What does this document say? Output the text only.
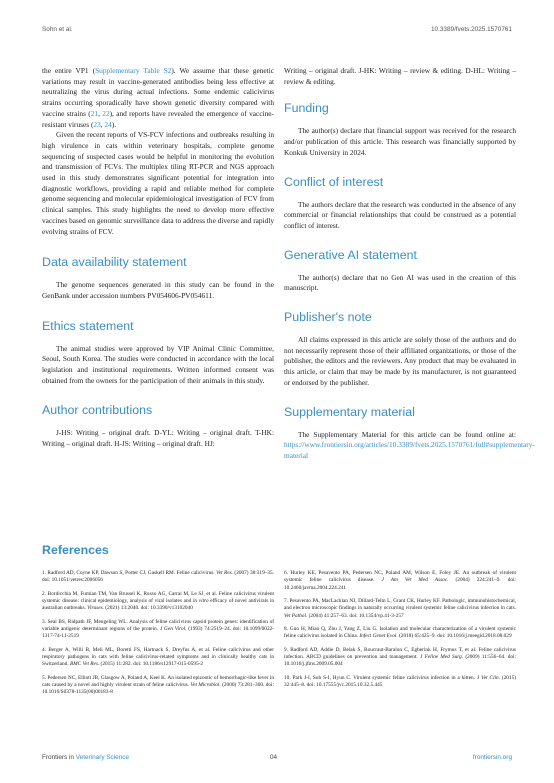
Sohn et al.	10.3389/fvets.2025.1570761

the entire VP1 (Supplementary Table S2). We assume that these genetic variations may result in vaccine-generated antibodies being less effective at neutralizing the virus during actual infections. Some endemic calicivirus strains occurring sporadically have shown genetic diversity compared with vaccine strains (21, 22), and reports have revealed the emergence of vaccine-resistant viruses (23, 24).

Given the recent reports of VS-FCV infections and outbreaks resulting in high virulence in cats within veterinary hospitals, complete genome sequencing of suspected cases would be helpful in monitoring the evolution and transmission of FCVs. The multiplex tiling RT-PCR and NGS approach used in this study demonstrates significant potential for integration into diagnostic workflows, providing a rapid and reliable method for complete genome sequencing and molecular epidemiological investigation of FCV from clinical samples. This study highlights the need to develop more effective vaccines based on genomic surveillance data to address the diverse and rapidly evolving strains of FCV.

Data availability statement

The genome sequences generated in this study can be found in the GenBank under accession numbers PV054606-PV054611.

Ethics statement

The animal studies were approved by VIP Animal Clinic Committee, Seoul, South Korea. The studies were conducted in accordance with the local legislation and institutional requirements. Written informed consent was obtained from the owners for the participation of their animals in this study.

Author contributions

J-HS: Writing – original draft. D-YL: Writing – original draft. T-HK: Writing – original draft. H-JS: Writing – original draft. HJ:

Writing – original draft. J-HK: Writing – review & editing. D-HL: Writing – review & editing.

Funding

The author(s) declare that financial support was received for the research and/or publication of this article. This research was financially supported by Konkuk University in 2024.

Conflict of interest

The authors declare that the research was conducted in the absence of any commercial or financial relationships that could be construed as a potential conflict of interest.

Generative AI statement

The author(s) declare that no Gen AI was used in the creation of this manuscript.

Publisher's note

All claims expressed in this article are solely those of the authors and do not necessarily represent those of their affiliated organizations, or those of the publisher, the editors and the reviewers. Any product that may be evaluated in this article, or claim that may be made by its manufacturer, is not guaranteed or endorsed by the publisher.

Supplementary material

The Supplementary Material for this article can be found online at: https://www.frontiersin.org/articles/10.3389/fvets.2025.1570761/full#supplementary-material

References

1. Radford AD, Coyne KP, Dawson S, Porter CJ, Gaskell RM. Feline calicivirus. Vet Res. (2007) 38:319–35. doi: 10.1051/vetres:2006056

2. Bordicchia M, Fumian TM, Van Brussel K, Russo AG, Carrai M, Le SJ, et al. Feline calicivirus virulent systemic disease: clinical epidemiology, analysis of viral isolates and in vitro efficacy of novel antivirals in australian outbreaks. Viruses. (2021) 13:2040. doi: 10.3390/v13102040

3. Seal BS, Ridpath JF, Mengeling WL. Analysis of feline calicivirus capsid protein genes: identification of variable antigenic determinant regions of the protein. J Gen Virol. (1993) 74:2519–24. doi: 10.1099/0022-1317-74-11-2519

4. Berger A, Willi B, Meli ML, Boretti FS, Hartnack S, Dreyfus A, et al. Feline calicivirus and other respiratory pathogens in cats with feline calicivirus-related symptoms and in clinically healthy cats in Switzerland. BMC Vet Res. (2015) 11:282. doi: 10.1186/s12917-015-0595-2

5. Pedersen NC, Elliott JB, Glasgow A, Poland A, Keel K. An isolated epizootic of hemorrhagic-like fever in cats caused by a novel and highly virulent strain of feline calicivirus. Vet Microbiol. (2000) 73:281–300. doi: 10.1016/S0378-1135(00)00183-8

6. Hurley KE, Pesavento PA, Pedersen NC, Poland AM, Wilson E, Foley JE. An outbreak of virulent systemic feline calicivirus disease. J Am Vet Med Assoc. (2004) 224:241–9. doi: 10.2460/javma.2004.224.241

7. Pesavento PA, MacLachlan NJ, Dillard-Telm L, Grant CK, Hurley KF. Pathologic, immunohistochemical, and electron microscopic findings in naturally occurring virulent systemic feline calicivirus infection in cats. Vet Pathol. (2004) 41:257–63. doi: 10.1354/vp.41-3-257

8. Guo H, Miao Q, Zhu J, Yang Z, Liu G. Isolation and molecular characterization of a virulent systemic feline calicivirus isolated in China. Infect Genet Evol. (2018) 65:425–9. doi: 10.1016/j.meegid.2018.08.029

9. Radford AD, Addie D, Belak S, Boucraut-Baralon C, Egberink H, Frymus T, et al. Feline calicivirus infection. ABCD guidelines on prevention and management. J Feline Med Surg. (2009) 11:556–64. doi: 10.1016/j.jfms.2009.05.004

10. Park J-I, Suh S-I, Hyun C. Virulent systemic feline calicivirus infection in a kitten. J Vet Clin. (2015) 32:445–8. doi: 10.17555/jvc.2015.10.32.5.445

Frontiers in Veterinary Science	04	frontiersin.org
